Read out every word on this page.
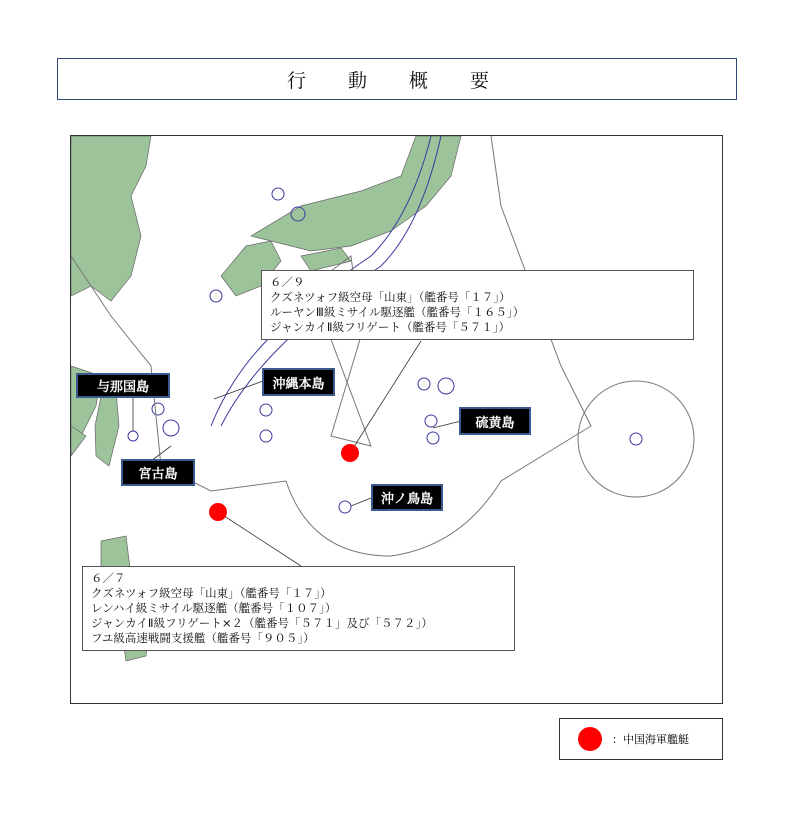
行 動 概 要
与那国島
宮古島
沖縄本島
硫黄島
沖ノ鳥島
６／９
クズネツォフ級空母「山東」（艦番号「１７」）
ルーヤンⅢ級ミサイル駆逐艦（艦番号「１６５」）
ジャンカイⅡ級フリゲート（艦番号「５７１」）
６／７
クズネツォフ級空母「山東」（艦番号「１７」）
レンハイ級ミサイル駆逐艦（艦番号「１０７」）
ジャンカイⅡ級フリゲート×２（艦番号「５７１」及び「５７２」）
フユ級高速戦闘支援艦（艦番号「９０５」）
：中国海軍艦艇
